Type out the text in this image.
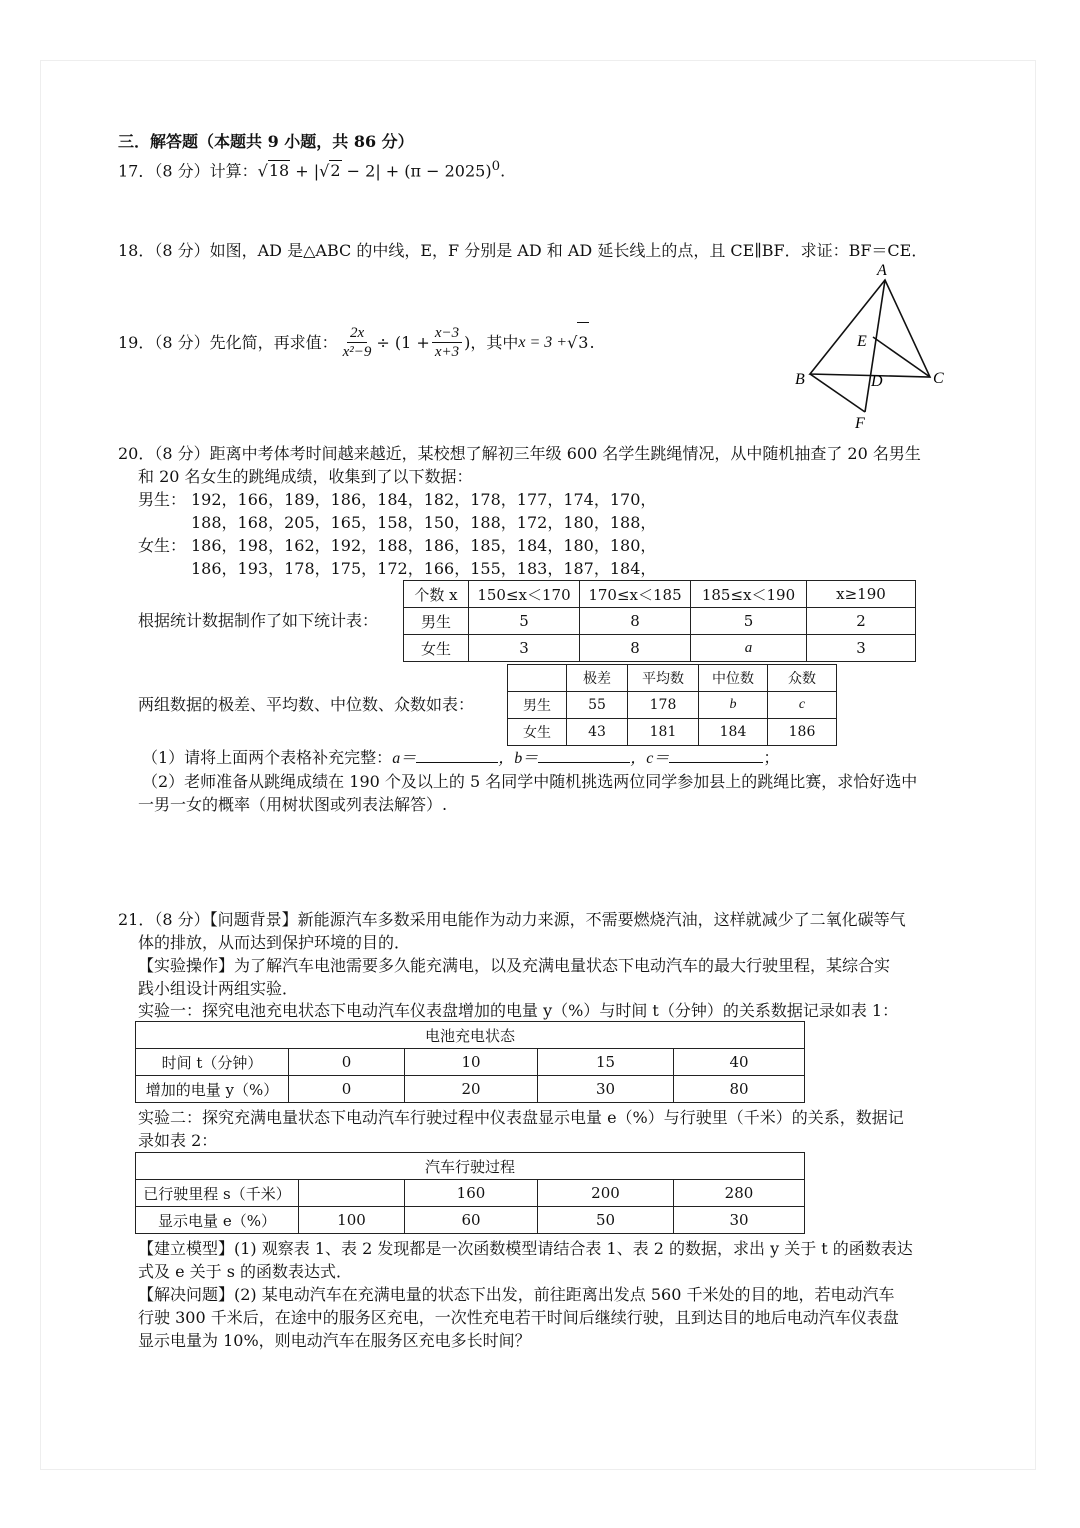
三．解答题（本题共 9 小题，共 86 分）
17．（8 分）计算：$√18 + |√2 - 2| + (\pi - 2025)^0$.
18．（8 分）如图，AD 是△ABC 的中线，E，F 分别是 AD 和 AD 延长线上的点，且 CE∥BF．求证：BF＝CE．
A
B	C
D
E
F
19．（8 分）先化简，再求值： $\frac{2x}{\text{x²−9}} \div (1 + \frac{x-3}{x+3}$ )，其中 x = 3 + √ 3 .
20．（8 分）距离中考体考时间越来越近，某校想了解初三年级 600 名学生跳绳情况，从中随机抽查了 20 名男生
和 20 名女生的跳绳成绩，收集到了以下数据：
男生： 192，166，189，186，184，182，178，177，174，170，
188，168，205，165，158，150，188，172，180，188，
女生： 186，198，162，192，188，186，185，184，180，180，
186，193，178，175，172，166，155，183，187，184，
根据统计数据制作了如下统计表：
个数 x	150≤x＜170	170≤x＜185	185≤x＜190	x≥190
男生	5	8	5	2
女生	3	8	a	3
两组数据的极差、平均数、中位数、众数如表：
	极差	平均数	中位数	众数
男生	55	178	b	c
女生	43	181	184	186
（1）请将上面两个表格补充完整：a＝	，b＝	，c＝	；
（2）老师准备从跳绳成绩在 190 个及以上的 5 名同学中随机挑选两位同学参加县上的跳绳比赛，求恰好选中
一男一女的概率（用树状图或列表法解答）.
21．（8 分）【问题背景】新能源汽车多数采用电能作为动力来源，不需要燃烧汽油，这样就减少了二氧化碳等气
体的排放，从而达到保护环境的目的．
【实验操作】为了解汽车电池需要多久能充满电，以及充满电量状态下电动汽车的最大行驶里程，某综合实
践小组设计两组实验．
实验一：探究电池充电状态下电动汽车仪表盘增加的电量 y（%）与时间 t（分钟）的关系数据记录如表 1：
电池充电状态				
时间 t（分钟）	0	10	15	40
增加的电量 y（%）	0	20	30	80
实验二：探究充满电量状态下电动汽车行驶过程中仪表盘显示电量 e（%）与行驶里（千米）的关系，数据记
录如表 2：
汽车行驶过程				
已行驶里程 s（千米）		160	200	280
显示电量 e（%）	100	60	50	30
【建立模型】(1) 观察表 1、表 2 发现都是一次函数模型请结合表 1、表 2 的数据，求出 y 关于 t 的函数表达
式及 e 关于 s 的函数表达式．
【解决问题】(2) 某电动汽车在充满电量的状态下出发，前往距离出发点 560 千米处的目的地，若电动汽车
行驶 300 千米后，在途中的服务区充电，一次性充电若干时间后继续行驶，且到达目的地后电动汽车仪表盘
显示电量为 10%，则电动汽车在服务区充电多长时间？
